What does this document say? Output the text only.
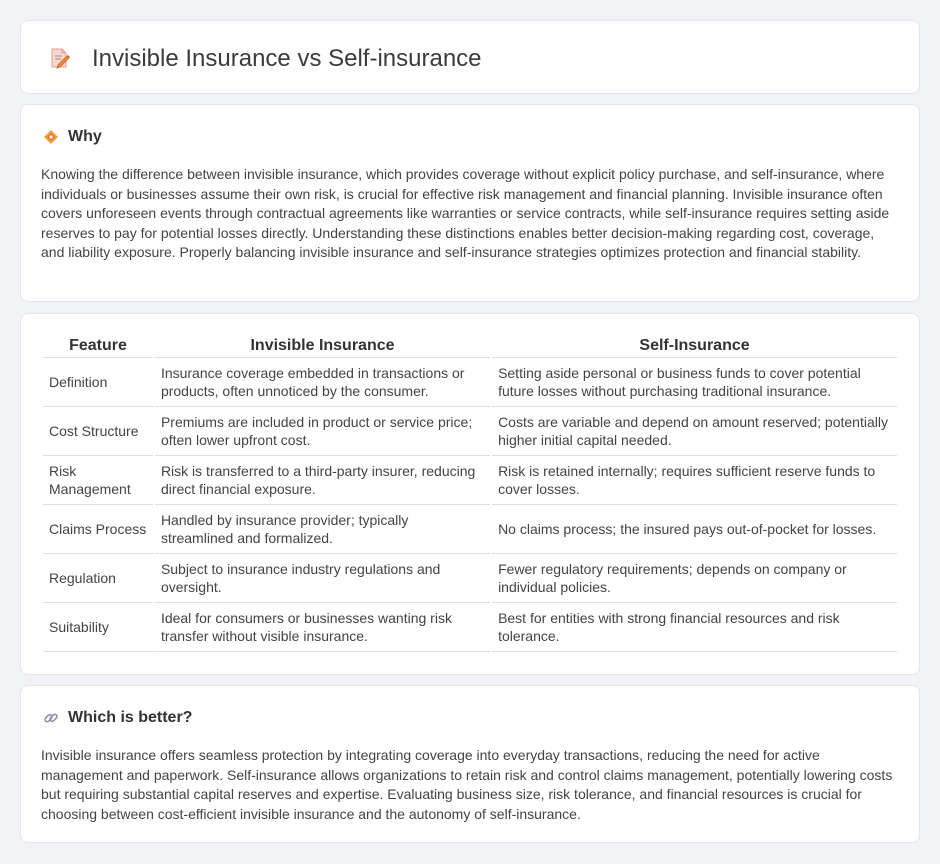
Invisible Insurance vs Self-insurance
Why

Knowing the difference between invisible insurance, which provides coverage without explicit policy purchase, and self-insurance, where individuals or businesses assume their own risk, is crucial for effective risk management and financial planning. Invisible insurance often covers unforeseen events through contractual agreements like warranties or service contracts, while self-insurance requires setting aside reserves to pay for potential losses directly. Understanding these distinctions enables better decision-making regarding cost, coverage, and liability exposure. Properly balancing invisible insurance and self-insurance strategies optimizes protection and financial stability.

Feature	Invisible Insurance	Self-Insurance
Definition	Insurance coverage embedded in transactions or products, often unnoticed by the consumer.	Setting aside personal or business funds to cover potential future losses without purchasing traditional insurance.
Cost Structure	Premiums are included in product or service price; often lower upfront cost.	Costs are variable and depend on amount reserved; potentially higher initial capital needed.
Risk Management	Risk is transferred to a third-party insurer, reducing direct financial exposure.	Risk is retained internally; requires sufficient reserve funds to cover losses.
Claims Process	Handled by insurance provider; typically streamlined and formalized.	No claims process; the insured pays out-of-pocket for losses.
Regulation	Subject to insurance industry regulations and oversight.	Fewer regulatory requirements; depends on company or individual policies.
Suitability	Ideal for consumers or businesses wanting risk transfer without visible insurance.	Best for entities with strong financial resources and risk tolerance.
Which is better?

Invisible insurance offers seamless protection by integrating coverage into everyday transactions, reducing the need for active management and paperwork. Self-insurance allows organizations to retain risk and control claims management, potentially lowering costs but requiring substantial capital reserves and expertise. Evaluating business size, risk tolerance, and financial resources is crucial for choosing between cost-efficient invisible insurance and the autonomy of self-insurance.
